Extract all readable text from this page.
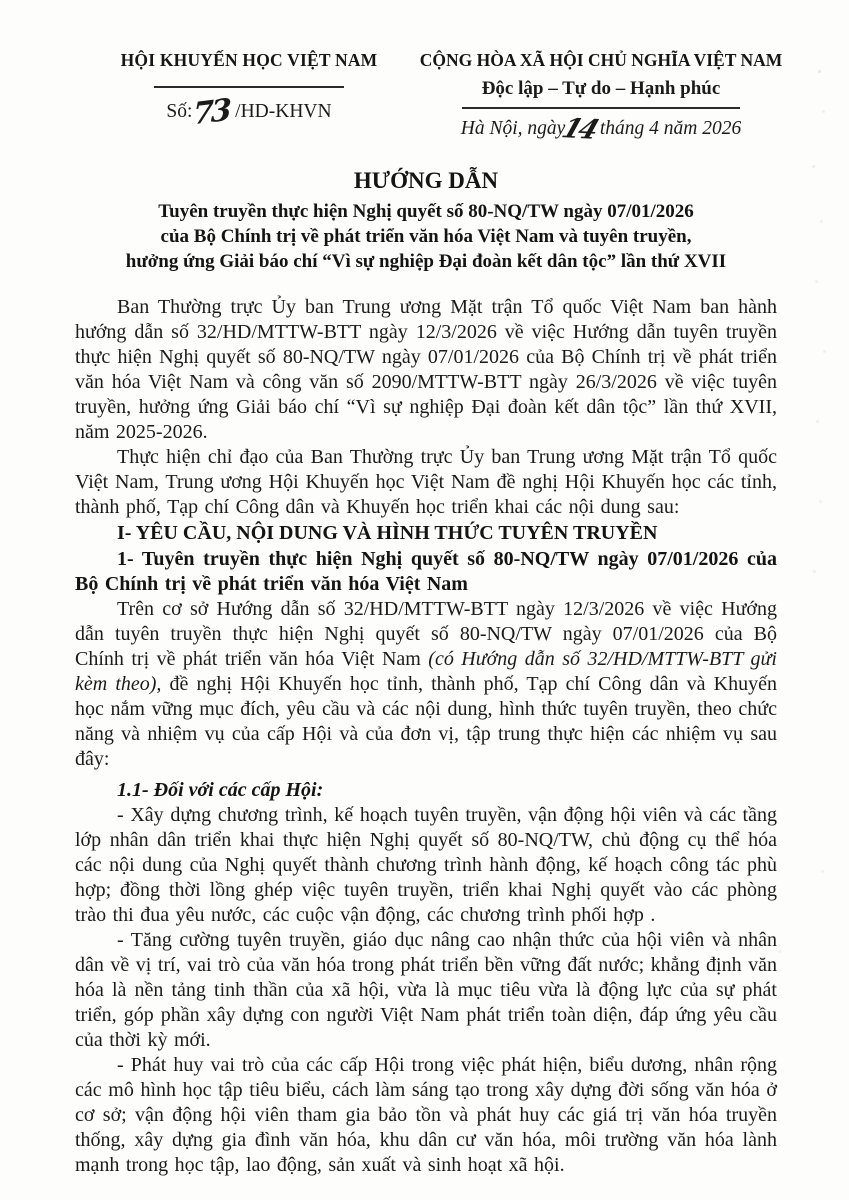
HỘI KHUYẾN HỌC VIỆT NAM
Số:73 /HD-KHVN
CỘNG HÒA XÃ HỘI CHỦ NGHĨA VIỆT NAM
Độc lập – Tự do – Hạnh phúc
Hà Nội, ngày14tháng 4 năm 2026
HƯỚNG DẪN
Tuyên truyền thực hiện Nghị quyết số 80-NQ/TW ngày 07/01/2026
của Bộ Chính trị về phát triển văn hóa Việt Nam và tuyên truyền,
hưởng ứng Giải báo chí “Vì sự nghiệp Đại đoàn kết dân tộc” lần thứ XVII

Ban Thường trực Ủy ban Trung ương Mặt trận Tổ quốc Việt Nam ban hành hướng dẫn số 32/HD/MTTW-BTT ngày 12/3/2026 về việc Hướng dẫn tuyên truyền thực hiện Nghị quyết số 80-NQ/TW ngày 07/01/2026 của Bộ Chính trị về phát triển văn hóa Việt Nam và công văn số 2090/MTTW-BTT ngày 26/3/2026 về việc tuyên truyền, hưởng ứng Giải báo chí “Vì sự nghiệp Đại đoàn kết dân tộc” lần thứ XVII, năm 2025-2026.

Thực hiện chỉ đạo của Ban Thường trực Ủy ban Trung ương Mặt trận Tổ quốc Việt Nam, Trung ương Hội Khuyến học Việt Nam đề nghị Hội Khuyến học các tỉnh, thành phố, Tạp chí Công dân và Khuyến học triển khai các nội dung sau:

I- YÊU CẦU, NỘI DUNG VÀ HÌNH THỨC TUYÊN TRUYỀN

1- Tuyên truyền thực hiện Nghị quyết số 80-NQ/TW ngày 07/01/2026 của Bộ Chính trị về phát triển văn hóa Việt Nam

Trên cơ sở Hướng dẫn số 32/HD/MTTW-BTT ngày 12/3/2026 về việc Hướng dẫn tuyên truyền thực hiện Nghị quyết số 80-NQ/TW ngày 07/01/2026 của Bộ Chính trị về phát triển văn hóa Việt Nam (có Hướng dẫn số 32/HD/MTTW-BTT gửi kèm theo), đề nghị Hội Khuyến học tỉnh, thành phố, Tạp chí Công dân và Khuyến học nắm vững mục đích, yêu cầu và các nội dung, hình thức tuyên truyền, theo chức năng và nhiệm vụ của cấp Hội và của đơn vị, tập trung thực hiện các nhiệm vụ sau đây:

1.1- Đối với các cấp Hội:

- Xây dựng chương trình, kế hoạch tuyên truyền, vận động hội viên và các tầng lớp nhân dân triển khai thực hiện Nghị quyết số 80-NQ/TW, chủ động cụ thể hóa các nội dung của Nghị quyết thành chương trình hành động, kế hoạch công tác phù hợp; đồng thời lồng ghép việc tuyên truyền, triển khai Nghị quyết vào các phòng trào thi đua yêu nước, các cuộc vận động, các chương trình phối hợp .

- Tăng cường tuyên truyền, giáo dục nâng cao nhận thức của hội viên và nhân dân về vị trí, vai trò của văn hóa trong phát triển bền vững đất nước; khẳng định văn hóa là nền tảng tinh thần của xã hội, vừa là mục tiêu vừa là động lực của sự phát triển, góp phần xây dựng con người Việt Nam phát triển toàn diện, đáp ứng yêu cầu của thời kỳ mới.

- Phát huy vai trò của các cấp Hội trong việc phát hiện, biểu dương, nhân rộng các mô hình học tập tiêu biểu, cách làm sáng tạo trong xây dựng đời sống văn hóa ở cơ sở; vận động hội viên tham gia bảo tồn và phát huy các giá trị văn hóa truyền thống, xây dựng gia đình văn hóa, khu dân cư văn hóa, môi trường văn hóa lành mạnh trong học tập, lao động, sản xuất và sinh hoạt xã hội.
